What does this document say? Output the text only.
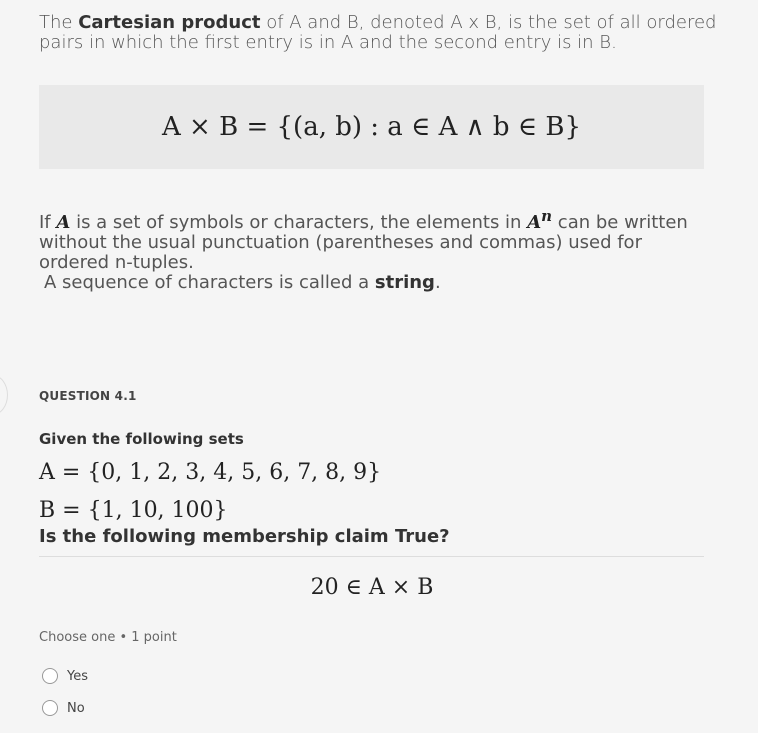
The Cartesian product of A and B, denoted A x B, is the set of all ordered pairs in which the first entry is in A and the second entry is in B.
A × B = {(a, b) : a ∈ A ∧ b ∈ B}
If A is a set of symbols or characters, the elements in $A^n$ can be written without the usual punctuation (parentheses and commas) used for ordered n-tuples.
A sequence of characters is called a string.
QUESTION 4.1
Given the following sets
A = {0, 1, 2, 3, 4, 5, 6, 7, 8, 9}
B = {1, 10, 100}
Is the following membership claim True?
20 ∈ A × B
Choose one • 1 point
Yes
No
